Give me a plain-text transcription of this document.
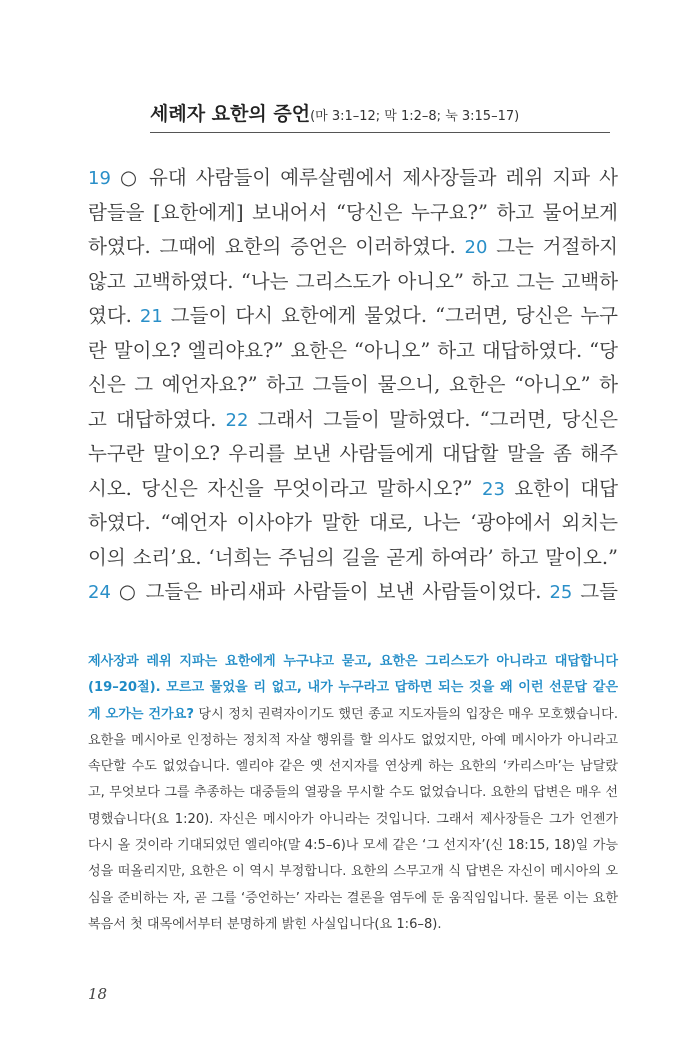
세례자 요한의 증언(마 3:1–12; 막 1:2–8; 눅 3:15–17)
19 ○ 유대 사람들이 예루살렘에서 제사장들과 레위 지파 사
람들을 [요한에게] 보내어서 “당신은 누구요?” 하고 물어보게
하였다. 그때에 요한의 증언은 이러하였다. 20 그는 거절하지
않고 고백하였다. “나는 그리스도가 아니오” 하고 그는 고백하
였다. 21 그들이 다시 요한에게 물었다. “그러면, 당신은 누구
란 말이오? 엘리야요?” 요한은 “아니오” 하고 대답하였다. “당
신은 그 예언자요?” 하고 그들이 물으니, 요한은 “아니오” 하
고 대답하였다. 22 그래서 그들이 말하였다. “그러면, 당신은
누구란 말이오? 우리를 보낸 사람들에게 대답할 말을 좀 해주
시오. 당신은 자신을 무엇이라고 말하시오?” 23 요한이 대답
하였다. “예언자 이사야가 말한 대로, 나는 ‘광야에서 외치는
이의 소리’요. ‘너희는 주님의 길을 곧게 하여라’ 하고 말이오.”
24 ○ 그들은 바리새파 사람들이 보낸 사람들이었다. 25 그들
제사장과 레위 지파는 요한에게 누구냐고 묻고, 요한은 그리스도가 아니라고 대답합니다(19–20절). 모르고 물었을 리 없고, 내가 누구라고 답하면 되는 것을 왜 이런 선문답 같은 게 오가는 건가요? 당시 정치 권력자이기도 했던 종교 지도자들의 입장은 매우 모호했습니다. 요한을 메시아로 인정하는 정치적 자살 행위를 할 의사도 없었지만, 아예 메시아가 아니라고 속단할 수도 없었습니다. 엘리야 같은 옛 선지자를 연상케 하는 요한의 ‘카리스마’는 남달랐고, 무엇보다 그를 추종하는 대중들의 열광을 무시할 수도 없었습니다. 요한의 답변은 매우 선명했습니다(요 1:20). 자신은 메시아가 아니라는 것입니다. 그래서 제사장들은 그가 언젠가 다시 올 것이라 기대되었던 엘리야(말 4:5–6)나 모세 같은 ‘그 선지자’(신 18:15, 18)일 가능성을 떠올리지만, 요한은 이 역시 부정합니다. 요한의 스무고개 식 답변은 자신이 메시아의 오심을 준비하는 자, 곧 그를 ‘증언하는’ 자라는 결론을 염두에 둔 움직임입니다. 물론 이는 요한복음서 첫 대목에서부터 분명하게 밝힌 사실입니다(요 1:6–8).
18
